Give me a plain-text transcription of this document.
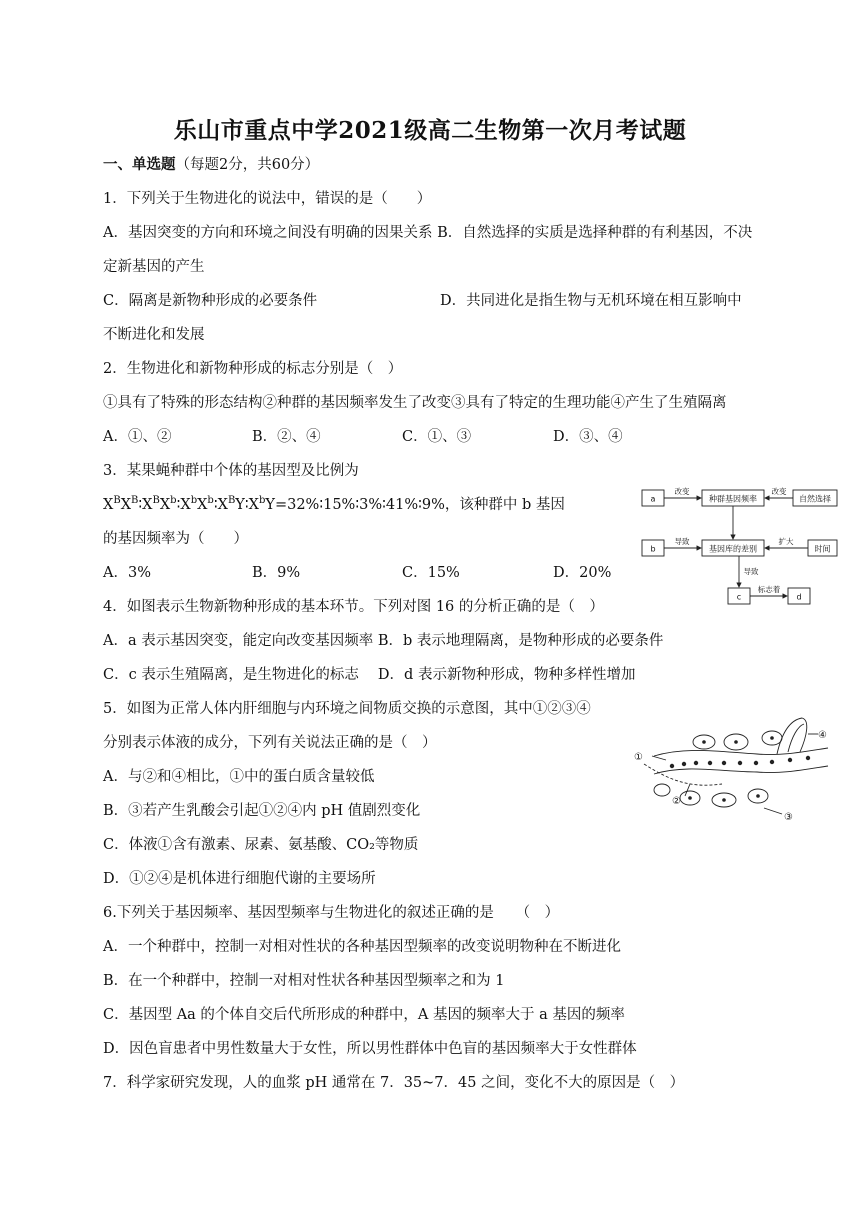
乐山市重点中学2021级高二生物第一次月考试题
一、单选题（每题2分，共60分）
1．下列关于生物进化的说法中，错误的是（　　）
A．基因突变的方向和环境之间没有明确的因果关系 B．自然选择的实质是选择种群的有利基因，不决
定新基因的产生
C．隔离是新物种形成的必要条件	D．共同进化是指生物与无机环境在相互影响中
不断进化和发展
2．生物进化和新物种形成的标志分别是（　）
①具有了特殊的形态结构②种群的基因频率发生了改变③具有了特定的生理功能④产生了生殖隔离
A．①、②	B．②、④	C．①、③	D．③、④
3．某果蝇种群中个体的基因型及比例为
$X^BX^B∶X^BX^b∶X^bX^b∶X^BY∶X^bY=32\%∶15\%∶3\%∶41\%∶9\%$，该种群中 b 基因
的基因频率为（　　）
A．3%	B．9%	C．15%	D．20%
a	种群基因频率	自然选择
b	基因库的差别	时间
c	d
改变	改变
导致	扩大
导致
标志着
4．如图表示生物新物种形成的基本环节。下列对图 16 的分析正确的是（　）
A．a 表示基因突变，能定向改变基因频率 B．b 表示地理隔离，是物种形成的必要条件
C．c 表示生殖隔离，是生物进化的标志　 D．d 表示新物种形成，物种多样性增加
5．如图为正常人体内肝细胞与内环境之间物质交换的示意图，其中①②③④
分别表示体液的成分，下列有关说法正确的是（　）
A．与②和④相比，①中的蛋白质含量较低
B．③若产生乳酸会引起①②④内 pH 值剧烈变化
C．体液①含有激素、尿素、氨基酸、CO₂等物质
D．①②④是机体进行细胞代谢的主要场所
①
②
③
④
6.下列关于基因频率、基因型频率与生物进化的叙述正确的是　　（　）
A．一个种群中，控制一对相对性状的各种基因型频率的改变说明物种在不断进化
B．在一个种群中，控制一对相对性状各种基因型频率之和为 1
C．基因型 Aa 的个体自交后代所形成的种群中，A 基因的频率大于 a 基因的频率
D．因色盲患者中男性数量大于女性，所以男性群体中色盲的基因频率大于女性群体
7．科学家研究发现，人的血浆 pH 通常在 7．35~7．45 之间，变化不大的原因是（　）
